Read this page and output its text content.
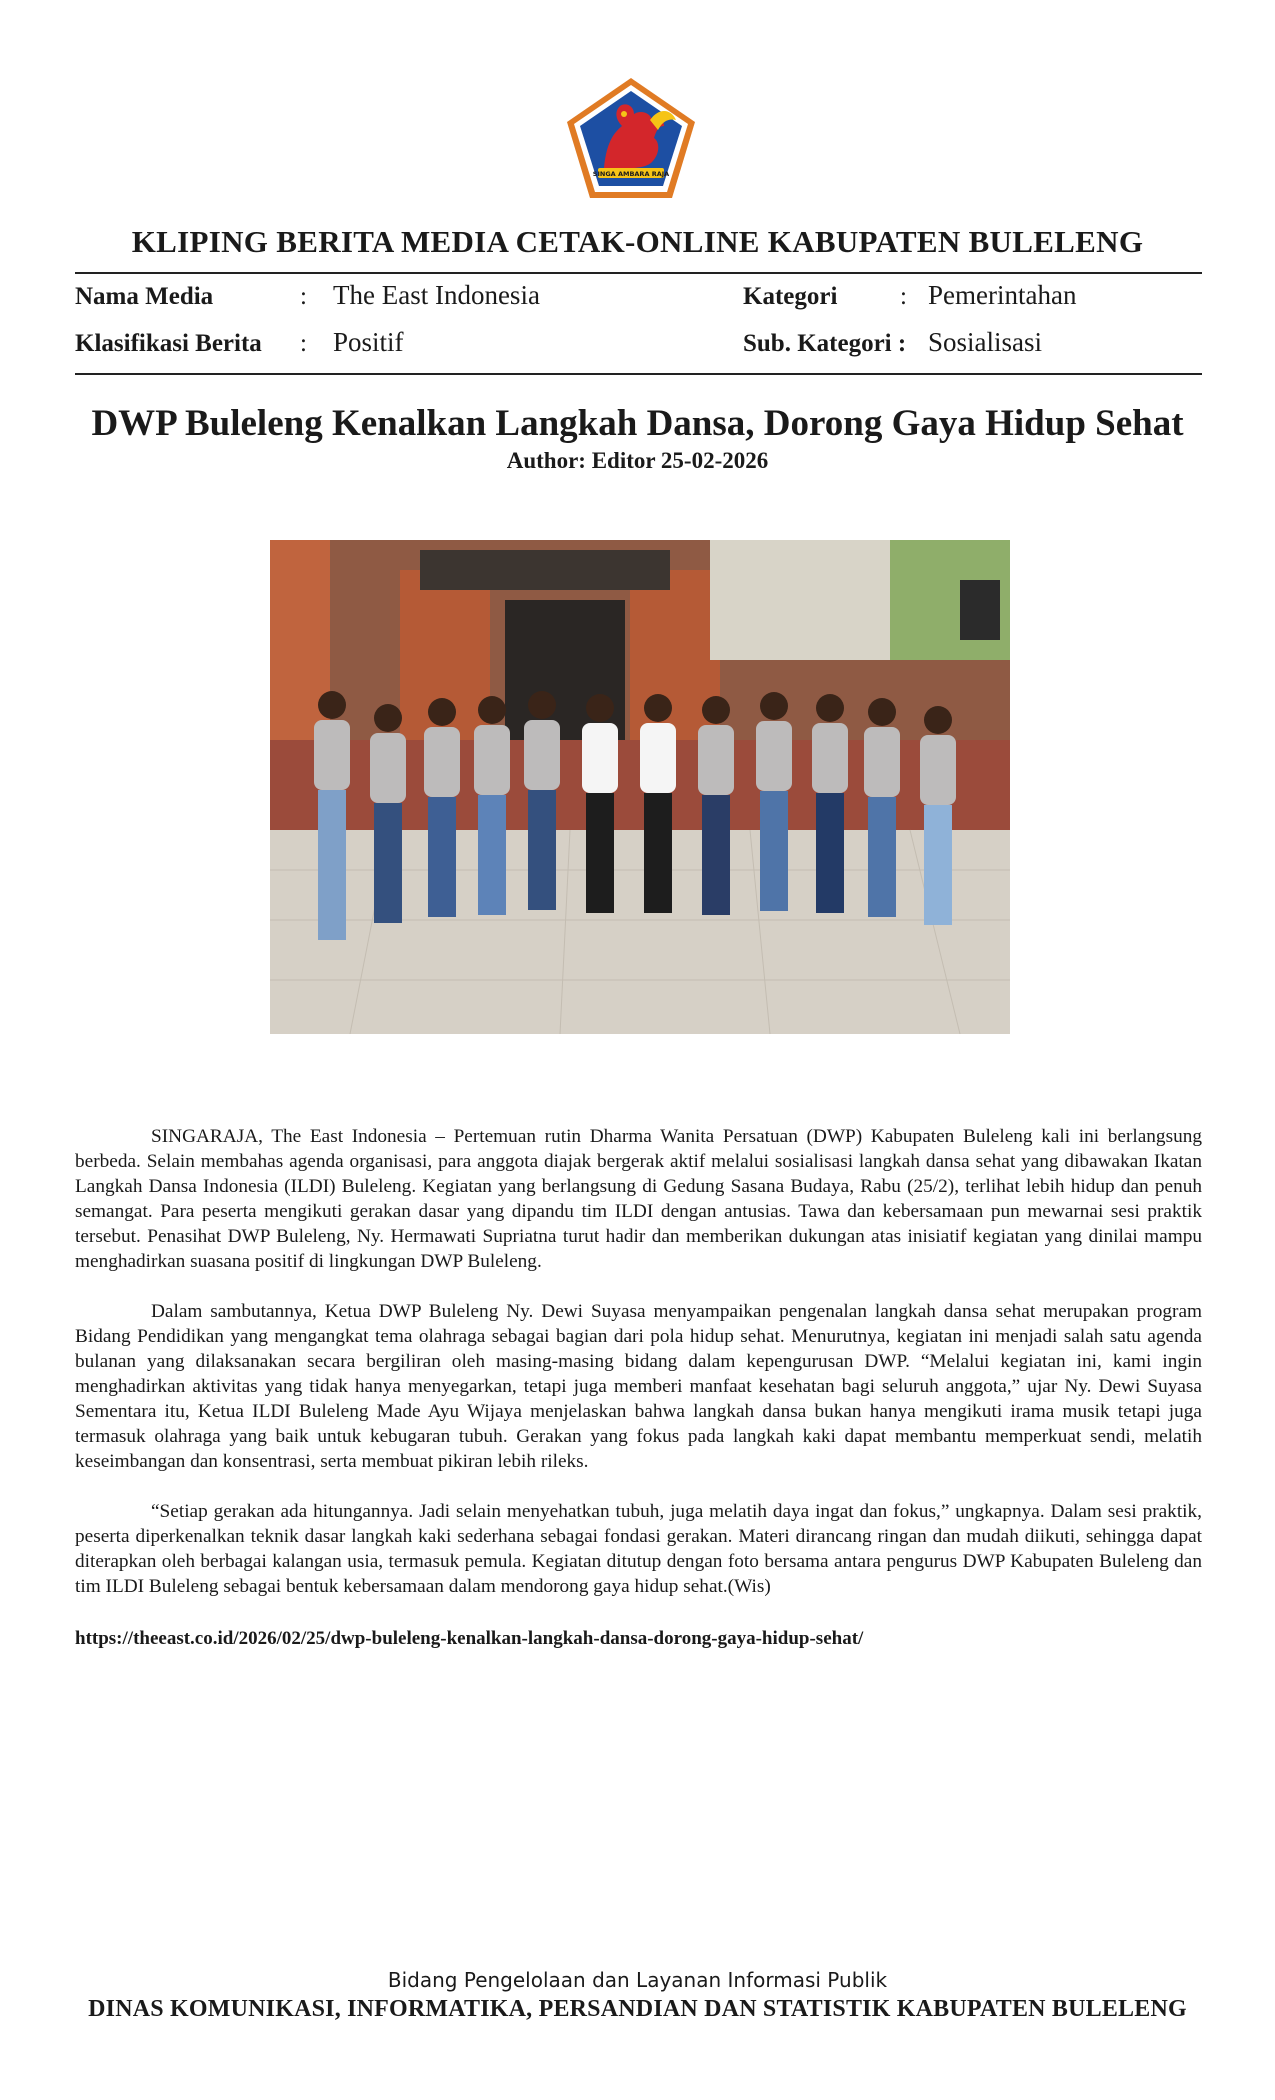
SINGA AMBARA RAJA
KLIPING BERITA MEDIA CETAK-ONLINE KABUPATEN BULELENG
Nama Media	: The East Indonesia	Kategori	: Pemerintahan
Klasifikasi Berita : Positif	Sub. Kategori : Sosialisasi
DWP Buleleng Kenalkan Langkah Dansa, Dorong Gaya Hidup Sehat
Author: Editor 25-02-2026

SINGARAJA, The East Indonesia – Pertemuan rutin Dharma Wanita Persatuan (DWP) Kabupaten Buleleng kali ini berlangsung berbeda. Selain membahas agenda organisasi, para anggota diajak bergerak aktif melalui sosialisasi langkah dansa sehat yang dibawakan Ikatan Langkah Dansa Indonesia (ILDI) Buleleng. Kegiatan yang berlangsung di Gedung Sasana Budaya, Rabu (25/2), terlihat lebih hidup dan penuh semangat. Para peserta mengikuti gerakan dasar yang dipandu tim ILDI dengan antusias. Tawa dan kebersamaan pun mewarnai sesi praktik tersebut. Penasihat DWP Buleleng, Ny. Hermawati Supriatna turut hadir dan memberikan dukungan atas inisiatif kegiatan yang dinilai mampu menghadirkan suasana positif di lingkungan DWP Buleleng.

Dalam sambutannya, Ketua DWP Buleleng Ny. Dewi Suyasa menyampaikan pengenalan langkah dansa sehat merupakan program Bidang Pendidikan yang mengangkat tema olahraga sebagai bagian dari pola hidup sehat. Menurutnya, kegiatan ini menjadi salah satu agenda bulanan yang dilaksanakan secara bergiliran oleh masing-masing bidang dalam kepengurusan DWP. “Melalui kegiatan ini, kami ingin menghadirkan aktivitas yang tidak hanya menyegarkan, tetapi juga memberi manfaat kesehatan bagi seluruh anggota,” ujar Ny. Dewi Suyasa Sementara itu, Ketua ILDI Buleleng Made Ayu Wijaya menjelaskan bahwa langkah dansa bukan hanya mengikuti irama musik tetapi juga termasuk olahraga yang baik untuk kebugaran tubuh. Gerakan yang fokus pada langkah kaki dapat membantu memperkuat sendi, melatih keseimbangan dan konsentrasi, serta membuat pikiran lebih rileks.

“Setiap gerakan ada hitungannya. Jadi selain menyehatkan tubuh, juga melatih daya ingat dan fokus,” ungkapnya. Dalam sesi praktik, peserta diperkenalkan teknik dasar langkah kaki sederhana sebagai fondasi gerakan. Materi dirancang ringan dan mudah diikuti, sehingga dapat diterapkan oleh berbagai kalangan usia, termasuk pemula. Kegiatan ditutup dengan foto bersama antara pengurus DWP Kabupaten Buleleng dan tim ILDI Buleleng sebagai bentuk kebersamaan dalam mendorong gaya hidup sehat.(Wis)

https://theeast.co.id/2026/02/25/dwp-buleleng-kenalkan-langkah-dansa-dorong-gaya-hidup-sehat/
Bidang Pengelolaan dan Layanan Informasi Publik
DINAS KOMUNIKASI, INFORMATIKA, PERSANDIAN DAN STATISTIK KABUPATEN BULELENG
